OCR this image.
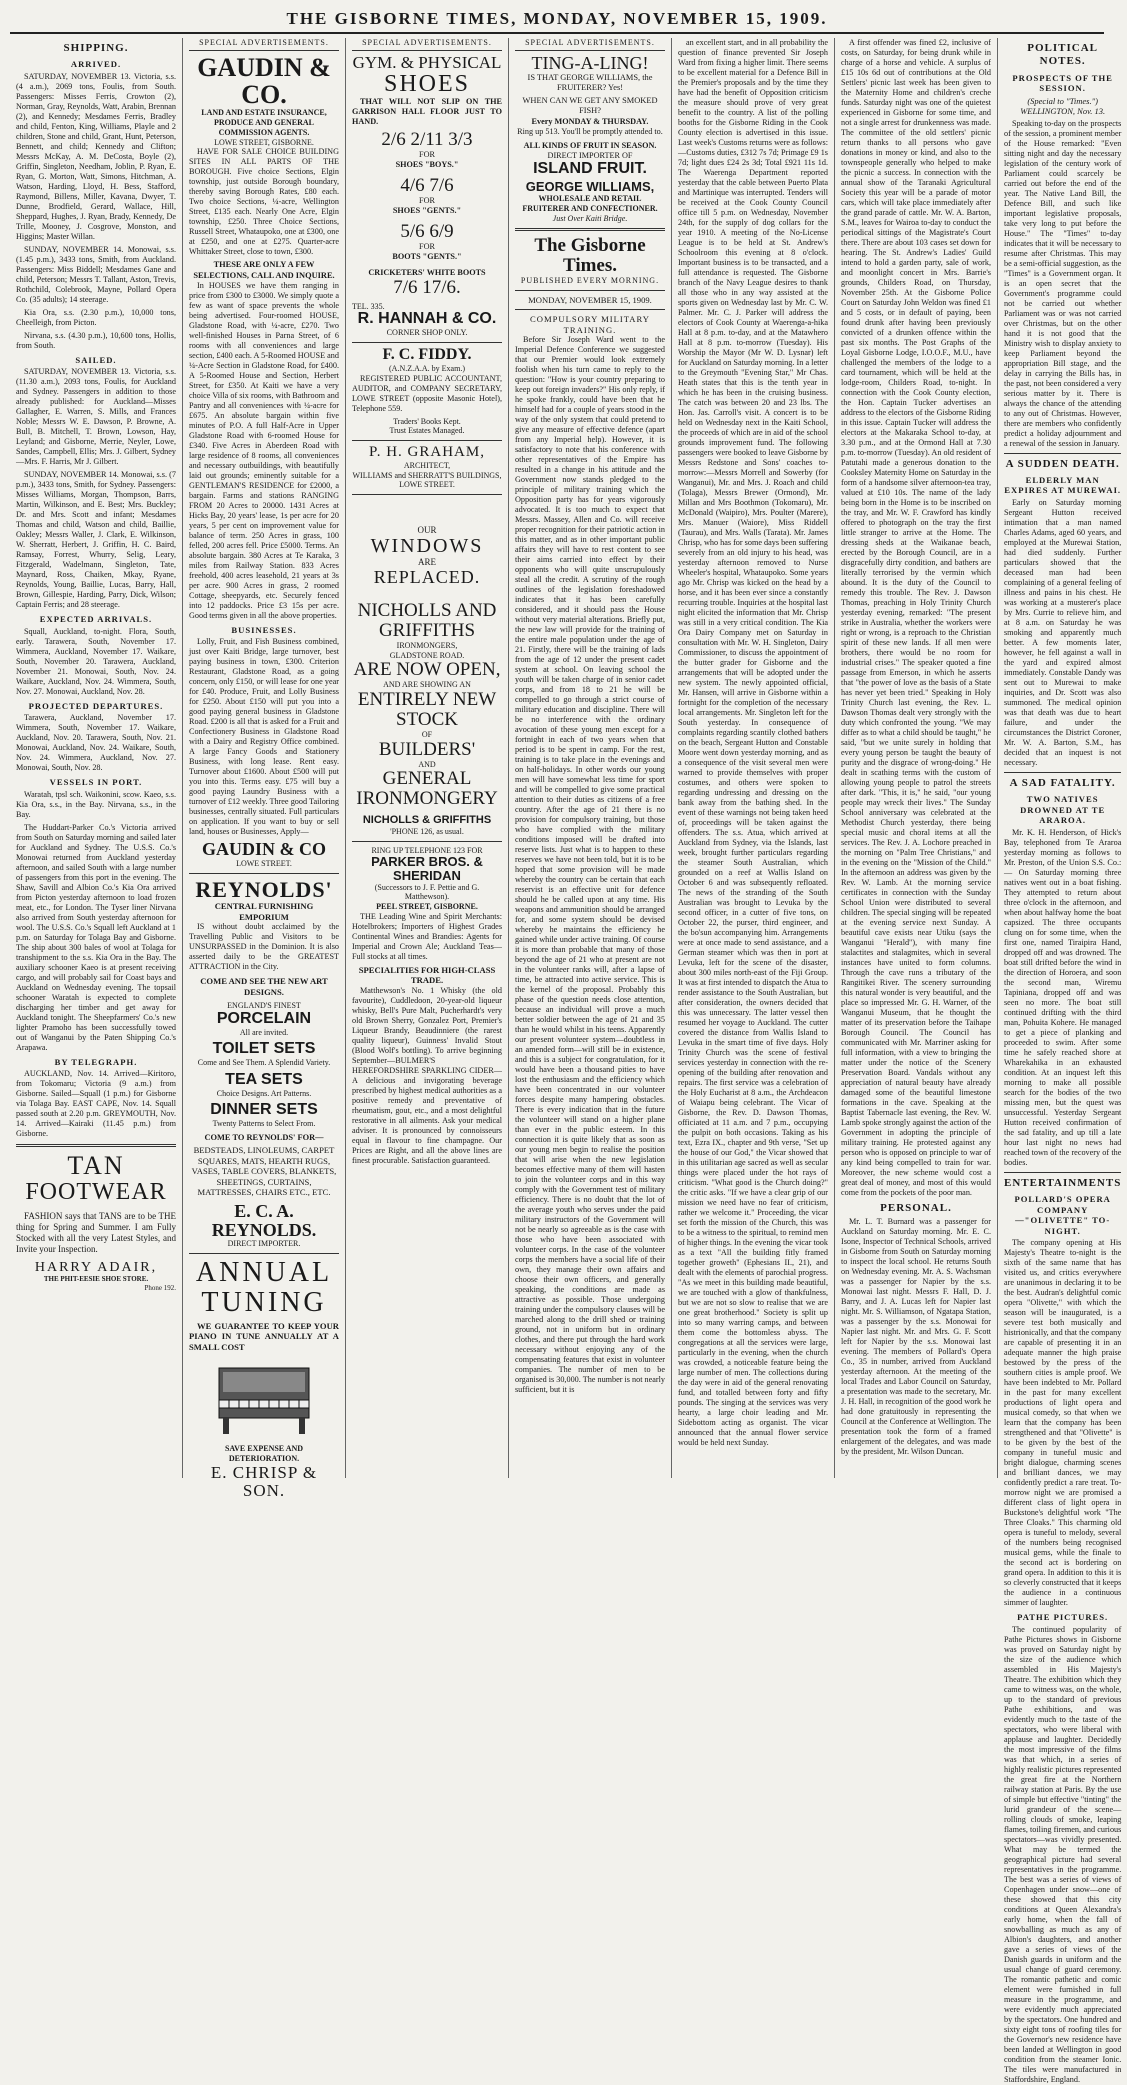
THE GISBORNE TIMES, MONDAY, NOVEMBER 15, 1909.
SHIPPING.
ARRIVED.

SATURDAY, NOVEMBER 13. Victoria, s.s. (4 a.m.), 2069 tons, Foulis, from South. Passengers: Misses Ferris, Crowton (2), Norman, Gray, Reynolds, Watt, Arabin, Brennan (2), and Kennedy; Mesdames Ferris, Bradley and child, Fenton, King, Williams, Playle and 2 children, Stone and child, Grant, Hunt, Peterson, Bennett, and child; Kennedy and Clifton; Messrs McKay, A. M. DeCosta, Boyle (2), Griffin, Singleton, Needham, Joblin, P. Ryan, E. Ryan, G. Morton, Watt, Simons, Hitchman, A. Watson, Harding, Lloyd, H. Bess, Stafford, Raymond, Billens, Miller, Kavana, Dwyer, T. Dunne, Brodfield, Gerard, Wallace, Hill, Sheppard, Hughes, J. Ryan, Brady, Kennedy, De Trille, Mooney, J. Cosgrove, Monston, and Higgins; Master Willan.

SUNDAY, NOVEMBER 14. Monowai, s.s. (1.45 p.m.), 3433 tons, Smith, from Auckland. Passengers: Miss Biddell; Mesdames Gane and child, Peterson; Messrs T. Tallant, Aston, Trevis, Rothchild, Colebrook, Mayne, Pollard Opera Co. (35 adults); 14 steerage.

Kia Ora, s.s. (2.30 p.m.), 10,000 tons, Cheelleigh, from Picton.

Nirvana, s.s. (4.30 p.m.), 10,600 tons, Hollis, from South.

SAILED.

SATURDAY, NOVEMBER 13. Victoria, s.s. (11.30 a.m.), 2093 tons, Foulis, for Auckland and Sydney. Passengers in addition to those already published: for Auckland—Misses Gallagher, E. Warren, S. Mills, and Frances Noble; Messrs W. E. Dawson, P. Browne, A. Bull, B. Mitchell, T. Brown, Lowson, Hay, Leyland; and Gisborne, Merrie, Neyler, Lowe, Sandes, Campbell, Ellis; Mrs. J. Gilbert, Sydney—Mrs. F. Harris, Mr J. Gilbert.

SUNDAY, NOVEMBER 14. Monowai, s.s. (7 p.m.), 3433 tons, Smith, for Sydney. Passengers: Misses Williams, Morgan, Thompson, Barrs, Martin, Wilkinson, and E. Best; Mrs. Buckley; Dr. and Mrs. Scott and infant; Mesdames Thomas and child, Watson and child, Baillie, Oakley; Messrs Waller, J. Clark, E. Wilkinson, W. Sherratt, Herbert, J. Griffin, H. C. Baird, Ramsay, Forrest, Whurry, Selig, Leary, Fitzgerald, Wadelmann, Singleton, Tate, Maynard, Ross, Chaiken, Mkay, Ryane, Reynolds, Young, Baillie, Lucas, Barry, Hall, Brown, Gillespie, Harding, Parry, Dick, Wilson; Captain Ferris; and 28 steerage.

EXPECTED ARRIVALS.

Squall, Auckland, to-night. Flora, South, early. Tarawera, South, November 17. Wimmera, Auckland, November 17. Waikare, South, November 20. Tarawera, Auckland, November 21. Monowai, South, Nov. 24. Waikare, Auckland, Nov. 24. Wimmera, South, Nov. 27. Monowai, Auckland, Nov. 28.

PROJECTED DEPARTURES.

Tarawera, Auckland, November 17. Wimmera, South, November 17. Waikare, Auckland, Nov. 20. Tarawera, South, Nov. 21. Monowai, Auckland, Nov. 24. Waikare, South, Nov. 24. Wimmera, Auckland, Nov. 27. Monowai, South, Nov. 28.

VESSELS IN PORT.

Waratah, tpsl sch. Waikonini, scow. Kaeo, s.s. Kia Ora, s.s., in the Bay. Nirvana, s.s., in the Bay.

The Huddart-Parker Co.'s Victoria arrived from South on Saturday morning and sailed later for Auckland and Sydney. The U.S.S. Co.'s Monowai returned from Auckland yesterday afternoon, and sailed South with a large number of passengers from this port in the evening. The Shaw, Savill and Albion Co.'s Kia Ora arrived from Picton yesterday afternoon to load frozen meat, etc., for London. The Tyser liner Nirvana also arrived from South yesterday afternoon for wool. The U.S.S. Co.'s Squall left Auckland at 1 p.m. on Saturday for Tolaga Bay and Gisborne. The ship about 300 bales of wool at Tolaga for transhipment to the s.s. Kia Ora in the Bay. The auxiliary schooner Kaeo is at present receiving cargo, and will probably sail for Coast bays and Auckland on Wednesday evening. The topsail schooner Waratah is expected to complete discharging her timber and get away for Auckland tonight. The Sheepfarmers' Co.'s new lighter Pramoho has been successfully towed out of Wanganui by the Paten Shipping Co.'s Arapawa.

BY TELEGRAPH.

AUCKLAND, Nov. 14. Arrived—Kiritoro, from Tokomaru; Victoria (9 a.m.) from Gisborne. Sailed—Squall (1 p.m.) for Gisborne via Tolaga Bay. EAST CAPE, Nov. 14. Squall passed south at 2.20 p.m. GREYMOUTH, Nov. 14. Arrived—Kairaki (11.45 p.m.) from Gisborne.

TAN
FOOTWEAR

FASHION says that TANS are to be THE thing for Spring and Summer. I am Fully Stocked with all the very Latest Styles, and Invite your Inspection.

HARRY ADAIR,
THE PHIT-EESIE SHOE STORE.
Phone 192.
SPECIAL ADVERTISEMENTS.
GAUDIN & CO.
LAND AND ESTATE INSURANCE, PRODUCE AND GENERAL COMMISSION AGENTS.
LOWE STREET, GISBORNE.

HAVE FOR SALE CHOICE BUILDING SITES IN ALL PARTS OF THE BOROUGH. Five choice Sections, Elgin township, just outside Borough boundary, thereby saving Borough Rates, £80 each. Two choice Sections, ¼-acre, Wellington Street, £135 each. Nearly One Acre, Elgin township, £250. Three Choice Sections, Russell Street, Whataupoko, one at £300, one at £250, and one at £275. Quarter-acre Whittaker Street, close to town, £300.

THESE ARE ONLY A FEW SELECTIONS, CALL AND INQUIRE.

In HOUSES we have them ranging in price from £300 to £3000. We simply quote a few as want of space prevents the whole being advertised. Four-roomed HOUSE, Gladstone Road, with ¼-acre, £270. Two well-finished Houses in Parna Street, of 6 rooms with all conveniences and large section, £400 each. A 5-Roomed HOUSE and ¼-Acre Section in Gladstone Road, for £400. A 5-Roomed House and Section, Herbert Street, for £350. At Kaiti we have a very choice Villa of six rooms, with Bathroom and Pantry and all conveniences with ¼-acre for £675. An absolute bargain within five minutes of P.O. A full Half-Acre in Upper Gladstone Road with 6-roomed House for £340. Five Acres in Aberdeen Road with large residence of 8 rooms, all conveniences and necessary outbuildings, with beautifully laid out grounds; eminently suitable for a GENTLEMAN'S RESIDENCE for £2000, a bargain. Farms and stations RANGING FROM 20 Acres to 20000. 1431 Acres at Hicks Bay, 20 years' lease, 1s per acre for 20 years, 5 per cent on improvement value for balance of term. 250 Acres in grass, 100 felled, 200 acres fell. Price £5000. Terms. An absolute bargain. 380 Acres at Te Karaka, 3 miles from Railway Station. 833 Acres freehold, 400 acres leasehold, 21 years at 3s per acre. 900 Acres in grass, 2 roomed Cottage, sheepyards, etc. Securely fenced into 12 paddocks. Price £3 15s per acre. Good terms given in all the above properties.

BUSINESSES.

Lolly, Fruit, and Fish Business combined, just over Kaiti Bridge, large turnover, best paying business in town, £300. Criterion Restaurant, Gladstone Road, as a going concern, only £150, or will lease for one year for £40. Produce, Fruit, and Lolly Business for £250. About £150 will put you into a good paying general business in Gladstone Road. £200 is all that is asked for a Fruit and Confectionery Business in Gladstone Road with a Dairy and Registry Office combined. A large Fancy Goods and Stationery Business, with long lease. Rent easy. Turnover about £1600. About £500 will put you into this. Terms easy. £75 will buy a good paying Laundry Business with a turnover of £12 weekly. Three good Tailoring businesses, centrally situated. Full particulars on application. If you want to buy or sell land, houses or Businesses, Apply—

GAUDIN & CO
LOWE STREET.
REYNOLDS'
CENTRAL FURNISHING EMPORIUM

IS without doubt acclaimed by the Travelling Public and Visitors to be UNSURPASSED in the Dominion. It is also asserted daily to be the GREATEST ATTRACTION in the City.

COME AND SEE THE NEW ART DESIGNS.
ENGLAND'S FINEST
PORCELAIN
All are invited.
TOILET SETS
Come and See Them. A Splendid Variety.
TEA SETS
Choice Designs. Art Patterns.
DINNER SETS
Twenty Patterns to Select From.
COME TO REYNOLDS' FOR—
BEDSTEADS, LINOLEUMS, CARPET SQUARES, MATS, HEARTH RUGS, VASES, TABLE COVERS, BLANKETS, SHEETINGS, CURTAINS, MATTRESSES, CHAIRS ETC., ETC.
E. C. A. REYNOLDS.
DIRECT IMPORTER.
ANNUAL
TUNING

WE GUARANTEE TO KEEP YOUR PIANO IN TUNE ANNUALLY AT A SMALL COST

SAVE EXPENSE AND DETERIORATION.
E. CHRISP & SON.
SPECIAL ADVERTISEMENTS.
GYM. & PHYSICAL
SHOES

THAT WILL NOT SLIP ON THE GARRISON HALL FLOOR JUST TO HAND.

2/6 2/11 3/3
FOR
SHOES "BOYS."
4/6 7/6
FOR
SHOES "GENTS."
5/6 6/9
FOR
BOOTS "GENTS."
CRICKETERS' WHITE BOOTS
7/6 17/6.
TEL. 335.
R. HANNAH & CO.
CORNER SHOP ONLY.
F. C. FIDDY.
(A.N.Z.A.A. by Exam.)

REGISTERED PUBLIC ACCOUNTANT, AUDITOR, and COMPANY SECRETARY, LOWE STREET (opposite Masonic Hotel), Telephone 559.

Traders' Books Kept.
Trust Estates Managed.
P. H. GRAHAM,
ARCHITECT,
WILLIAMS and SHERRATT'S BUILDINGS,
LOWE STREET.
OUR
WINDOWS
ARE
REPLACED.
NICHOLLS AND GRIFFITHS
IRONMONGERS,
GLADSTONE ROAD.
ARE NOW OPEN,
AND ARE SHOWING AN
ENTIRELY NEW
STOCK
OF
BUILDERS'
AND
GENERAL
IRONMONGERY
NICHOLLS & GRIFFITHS
'PHONE 126, as usual.
RING UP TELEPHONE 123 FOR
PARKER BROS. & SHERIDAN
(Successors to J. F. Pettie and G. Matthewson).
PEEL STREET, GISBORNE.

THE Leading Wine and Spirit Merchants: Hotelbrokers; Importers of Highest Grades Continental Wines and Brandies: Agents for Imperial and Crown Ale; Auckland Teas—Full stocks at all times.

SPECIALITIES FOR HIGH-CLASS TRADE.

Matthewson's No. 1 Whisky (the old favourite), Cuddledoon, 20-year-old liqueur whisky, Bell's Pure Malt, Pucherhardt's very old Brown Sherry, Gonzalez Port, Premier's Liqueur Brandy, Beaudinniere (the rarest quality liqueur), Guinness' Invalid Stout (Blood Wolf's bottling). To arrive beginning September—BULMER'S HEREFORDSHIRE SPARKLING CIDER—A delicious and invigorating beverage prescribed by highest medical authorities as a positive remedy and preventative of rheumatism, gout, etc., and a most delightful restorative in all ailments. Ask your medical adviser. It is pronounced by connoisseurs equal in flavour to fine champagne. Our Prices are Right, and all the above lines are finest procurable. Satisfaction guaranteed.

SPECIAL ADVERTISEMENTS.
TING-A-LING!
IS THAT GEORGE WILLIAMS, the FRUITERER? Yes!
WHEN CAN WE GET ANY SMOKED FISH?
Every MONDAY & THURSDAY.
Ring up 513. You'll be promptly attended to.
ALL KINDS OF FRUIT IN SEASON.
DIRECT IMPORTER OF
ISLAND FRUIT.
GEORGE WILLIAMS,
WHOLESALE AND RETAIL FRUITERER AND CONFECTIONER.
Just Over Kaiti Bridge.
The Gisborne Times.
PUBLISHED EVERY MORNING.
MONDAY, NOVEMBER 15, 1909.
COMPULSORY MILITARY TRAINING.

Before Sir Joseph Ward went to the Imperial Defence Conference we suggested that our Premier would look extremely foolish when his turn came to reply to the question: "How is your country preparing to keep out foreign invaders?" His only reply, if he spoke frankly, could have been that he himself had for a couple of years stood in the way of the only system that could pretend to give any measure of effective defence (apart from any Imperial help). However, it is satisfactory to note that his conference with other representatives of the Empire has resulted in a change in his attitude and the Government now stands pledged to the principle of military training which the Opposition party has for years vigorously advocated. It is too much to expect that Messrs. Massey, Allen and Co. will receive proper recognition for their patriotic action in this matter, and as in other important public affairs they will have to rest content to see their aims carried into effect by their opponents who will quite unscrupulously steal all the credit. A scrutiny of the rough outlines of the legislation foreshadowed indicates that it has been carefully considered, and it should pass the House without very material alterations. Briefly put, the new law will provide for the training of the entire male population under the age of 21. Firstly, there will be the training of lads from the age of 12 under the present cadet system at school. On leaving school the youth will be taken charge of in senior cadet corps, and from 18 to 21 he will be compelled to go through a strict course of military education and discipline. There will be no interference with the ordinary avocation of these young men except for a fortnight in each of two years when that period is to be spent in camp. For the rest, training is to take place in the evenings and on half-holidays. In other words our young men will have somewhat less time for sport and will be compelled to give some practical attention to their duties as citizens of a free country. After the age of 21 there is no provision for compulsory training, but those who have complied with the military conditions imposed will be drafted into reserve lists. Just what is to happen to these reserves we have not been told, but it is to be hoped that some provision will be made whereby the country can be certain that each reservist is an effective unit for defence should he be called upon at any time. His weapons and ammunition should be arranged for, and some system should be devised whereby he maintains the efficiency he gained while under active training. Of course it is more than probable that many of those beyond the age of 21 who at present are not in the volunteer ranks will, after a lapse of time, be attracted into active service. This is the kernel of the proposal. Probably this phase of the question needs close attention, because an individual will prove a much better soldier between the age of 21 and 35 than he would whilst in his teens. Apparently our present volunteer system—doubtless in an amended form—will still be in existence, and this is a subject for congratulation, for it would have been a thousand pities to have lost the enthusiasm and the efficiency which have been concentrated in our volunteer forces despite many hampering obstacles. There is every indication that in the future the volunteer will stand on a higher plane than ever in the public esteem. In this connection it is quite likely that as soon as our young men begin to realise the position that will arise when the new legislation becomes effective many of them will hasten to join the volunteer corps and in this way comply with the Government test of military efficiency. There is no doubt that the lot of the average youth who serves under the paid military instructors of the Government will not be nearly so agreeable as is the case with those who have been associated with volunteer corps. In the case of the volunteer corps the members have a social life of their own, they manage their own affairs and choose their own officers, and generally speaking, the conditions are made as attractive as possible. Those undergoing training under the compulsory clauses will be marched along to the drill shed or training ground, not in uniform but in ordinary clothes, and there put through the hard work necessary without enjoying any of the compensating features that exist in volunteer companies. The number of men to be organised is 30,000. The number is not nearly sufficient, but it is

an excellent start, and in all probability the question of finance prevented Sir Joseph Ward from fixing a higher limit. There seems to be excellent material for a Defence Bill in the Premier's proposals and by the time they have had the benefit of Opposition criticism the measure should prove of very great benefit to the country. A list of the polling booths for the Gisborne Riding in the Cook County election is advertised in this issue. Last week's Customs returns were as follows:—Customs duties, £312 7s 7d; Primage £9 1s 7d; light dues £24 2s 3d; Total £921 11s 1d. The Waerenga Department reported yesterday that the cable between Puerto Plata and Martinique was interrupted. Tenders will be received at the Cook County Council office till 5 p.m. on Wednesday, November 24th, for the supply of dog collars for the year 1910. A meeting of the No-License League is to be held at St. Andrew's Schoolroom this evening at 8 o'clock. Important business is to be transacted, and a full attendance is requested. The Gisborne branch of the Navy League desires to thank all those who in any way assisted at the sports given on Wednesday last by Mr. C. W. Palmer. Mr. C. J. Parker will address the electors of Cook County at Waerenga-a-hika Hall at 8 p.m. to-day, and at the Matawhero Hall at 8 p.m. to-morrow (Tuesday). His Worship the Mayor (Mr W. D. Lysnar) left for Auckland on Saturday morning. In a letter to the Greymouth "Evening Star," Mr Chas. Heath states that this is the tenth year in which he has been in the cruising business. The catch was between 20 and 23 lbs. The Hon. Jas. Carroll's visit. A concert is to be held on Wednesday next in the Kaiti School, the proceeds of which are in aid of the school grounds improvement fund. The following passengers were booked to leave Gisborne by Messrs Redstone and Sons' coaches to-morrow:—Messrs Morrell and Sowerby (for Wanganui), Mr. and Mrs. J. Roach and child (Tolaga), Messrs Brewer (Ormond), Mr. Millan and Mrs Boothmon (Tokomaru), Mr. McDonald (Waipiro), Mrs. Poulter (Marere), Mrs. Manuer (Waiore), Miss Riddell (Taurau), and Mrs. Walls (Tarata). Mr. James Chrisp, who has for some days been suffering severely from an old injury to his head, was yesterday afternoon removed to Nurse Wheeler's hospital, Whataupoko. Some years ago Mr. Chrisp was kicked on the head by a horse, and it has been ever since a constantly recurring trouble. Inquiries at the hospital last night elicited the information that Mr. Chrisp was still in a very critical condition. The Kia Ora Dairy Company met on Saturday in consultation with Mr. W. H. Singleton, Dairy Commissioner, to discuss the appointment of the butter grader for Gisborne and the arrangements that will be adopted under the new system. The newly appointed official, Mr. Hansen, will arrive in Gisborne within a fortnight for the completion of the necessary local arrangements. Mr. Singleton left for the South yesterday. In consequence of complaints regarding scantily clothed bathers on the beach, Sergeant Hutton and Constable Moore went down yesterday morning, and as a consequence of the visit several men were warned to provide themselves with proper costumes, and others were spoken to regarding undressing and dressing on the bank away from the bathing shed. In the event of these warnings not being taken heed of, proceedings will be taken against the offenders. The s.s. Atua, which arrived at Auckland from Sydney, via the Islands, last week, brought further particulars regarding the steamer South Australian, which grounded on a reef at Wallis Island on October 6 and was subsequently refloated. The news of the stranding of the South Australian was brought to Levuka by the second officer, in a cutter of five tons, on October 22, the purser, third engineer, and the bo'sun accompanying him. Arrangements were at once made to send assistance, and a German steamer which was then in port at Levuka, left for the scene of the disaster, about 300 miles north-east of the Fiji Group. It was at first intended to dispatch the Atua to render assistance to the South Australian, but after consideration, the owners decided that this was unnecessary. The latter vessel then resumed her voyage to Auckland. The cutter covered the distance from Wallis Island to Levuka in the smart time of five days. Holy Trinity Church was the scene of festival services yesterday in connection with the re-opening of the building after renovation and repairs. The first service was a celebration of the Holy Eucharist at 8 a.m., the Archdeacon of Waiapu being celebrant. The Vicar of Gisborne, the Rev. D. Dawson Thomas, officiated at 11 a.m. and 7 p.m., occupying the pulpit on both occasions. Taking as his text, Ezra IX., chapter and 9th verse, "Set up the house of our God," the Vicar showed that in this utilitarian age sacred as well as secular things were placed under the hot rays of criticism. "What good is the Church doing?" the critic asks. "If we have a clear grip of our mission we need have no fear of criticism, rather we welcome it." Proceeding, the vicar set forth the mission of the Church, this was to be a witness to the spiritual, to remind men of higher things. In the evening the vicar took as a text "All the building fitly framed together groweth" (Ephesians II., 21), and dealt with the elements of parochial progress. "As we meet in this building made beautiful, we are touched with a glow of thankfulness, but we are not so slow to realise that we are one great brotherhood." Society is split up into so many warring camps, and between them come the bottomless abyss. The congregations at all the services were large, particularly in the evening, when the church was crowded, a noticeable feature being the large number of men. The collections during the day were in aid of the general renovating fund, and totalled between forty and fifty pounds. The singing at the services was very hearty, a large choir leading and Mr. Sidebottom acting as organist. The vicar announced that the annual flower service would be held next Sunday.

A first offender was fined £2, inclusive of costs, on Saturday, for being drunk while in charge of a horse and vehicle. A surplus of £15 10s 6d out of contributions at the Old Settlers' picnic last week has been given to the Maternity Home and children's creche funds. Saturday night was one of the quietest experienced in Gisborne for some time, and not a single arrest for drunkenness was made. The committee of the old settlers' picnic return thanks to all persons who gave donations in money or kind, and also to the townspeople generally who helped to make the picnic a success. In connection with the annual show of the Taranaki Agricultural Society this year will be a parade of motor cars, which will take place immediately after the grand parade of cattle. Mr. W. A. Barton, S.M., leaves for Wairoa to-day to conduct the periodical sittings of the Magistrate's Court there. There are about 103 cases set down for hearing. The St. Andrew's Ladies' Guild intend to hold a garden party, sale of work, and moonlight concert in Mrs. Barrie's grounds, Childers Road, on Thursday, November 25th. At the Gisborne Police Court on Saturday John Weldon was fined £1 and 5 costs, or in default of paying, been found drunk after having been previously convicted of a drunken offence within the past six months. The Post Graphs of the Loyal Gisborne Lodge, I.O.O.F., M.U., have challenged the members of the lodge to a card tournament, which will be held at the lodge-room, Childers Road, to-night. In connection with the Cook County election, the Hon. Captain Tucker advertises an address to the electors of the Gisborne Riding in this issue. Captain Tucker will address the electors at the Makaraka School to-day, at 3.30 p.m., and at the Ormond Hall at 7.30 p.m. to-morrow (Tuesday). An old resident of Patutahi made a generous donation to the Cooksley Maternity Home on Saturday in the form of a handsome silver afternoon-tea tray, valued at £10 10s. The name of the lady being born in the Home is to be inscribed on the tray, and Mr. W. F. Crawford has kindly offered to photograph on the tray the first little stranger to arrive at the Home. The dressing sheds at the Waikanae beach, erected by the Borough Council, are in a disgracefully dirty condition, and bathers are literally terrorised by the vermin which abound. It is the duty of the Council to remedy this trouble. The Rev. J. Dawson Thomas, preaching in Holy Trinity Church yesterday evening, remarked: "The present strike in Australia, whether the workers were right or wrong, is a reproach to the Christian spirit of these new lands. If all men were brothers, there would be no room for industrial crises." The speaker quoted a fine passage from Emerson, in which he asserts that "the power of love as the basis of a State has never yet been tried." Speaking in Holy Trinity Church last evening, the Rev. L. Dawson Thomas dealt very strongly with the duty which confronted the young. "We may differ as to what a child should be taught," he said, "but we unite surely in holding that every young person be taught the beauty of purity and the disgrace of wrong-doing." He dealt in scathing terms with the custom of allowing young people to patrol the streets after dark. "This, it is," he said, "our young people may wreck their lives." The Sunday School anniversary was celebrated at the Methodist Church yesterday, there being special music and choral items at all the services. The Rev. J. A. Lochore preached in the morning on "Palm Tree Christians," and in the evening on the "Mission of the Child." In the afternoon an address was given by the Rev. W. Lamb. At the morning service certificates in connection with the Sunday School Union were distributed to several children. The special singing will be repeated at the evening service next Sunday. A beautiful cave exists near Utiku (says the Wanganui "Herald"), with many fine stalactites and stalagmites, which in several instances have united to form columns. Through the cave runs a tributary of the Rangitikei River. The scenery surrounding this natural wonder is very beautiful, and the place so impressed Mr. G. H. Warner, of the Wanganui Museum, that he thought the matter of its preservation before the Taihape Borough Council. The Council has communicated with Mr. Marriner asking for full information, with a view to bringing the matter under the notice of the Scenery Preservation Board. Vandals without any appreciation of natural beauty have already damaged some of the beautiful limestone formations in the cave. Speaking at the Baptist Tabernacle last evening, the Rev. W. Lamb spoke strongly against the action of the Government in adopting the principle of military training. He protested against any person who is opposed on principle to war of any kind being compelled to train for war. Moreover, the new scheme would cost a great deal of money, and most of this would come from the pockets of the poor man.

PERSONAL.

Mr. L. T. Burnard was a passenger for Auckland on Saturday morning. Mr. E. C. Isone, Inspector of Technical Schools, arrived in Gisborne from South on Saturday morning to inspect the local school. He returns South on Wednesday evening. Mr. A. S. Wachsman was a passenger for Napier by the s.s. Monowai last night. Messrs F. Hall, D. J. Barry, and J. A. Lucas left for Napier last night. Mr. S. Williamson, of Ngatapa Station, was a passenger by the s.s. Monowai for Napier last night. Mr. and Mrs. G. F. Scott left for Napier by the s.s. Monowai last evening. The members of Pollard's Opera Co., 35 in number, arrived from Auckland yesterday afternoon. At the meeting of the local Trades and Labor Council on Saturday, a presentation was made to the secretary, Mr. J. H. Hall, in recognition of the good work he had done gratuitously in representing the Council at the Conference at Wellington. The presentation took the form of a framed enlargement of the delegates, and was made by the president, Mr. Wilson Duncan.

POLITICAL NOTES.
PROSPECTS OF THE SESSION.
(Special to "Times.") WELLINGTON, Nov. 13.

Speaking to-day on the prospects of the session, a prominent member of the House remarked: "Even sitting night and day the necessary legislation of the century work of Parliament could scarcely be carried out before the end of the year. The Native Land Bill, the Defence Bill, and such like important legislative proposals, take very long to put before the House." The "Times" to-day indicates that it will be necessary to resume after Christmas. This may be a semi-official suggestion, as the "Times" is a Government organ. It is an open secret that the Government's programme could not be carried out whether Parliament was or was not carried over Christmas, but on the other hand it is not good that the Ministry wish to display anxiety to keep Parliament beyond the appropriation Bill stage, and the delay in carrying the Bills has, in the past, not been considered a very serious matter by it. There is always the chance of the attending to any out of Christmas. However, there are members who confidently predict a holiday adjournment and a renewal of the session in January.

A SUDDEN DEATH.
ELDERLY MAN EXPIRES AT MUREWAI.

Early on Saturday morning Sergeant Hutton received intimation that a man named Charles Adams, aged 60 years, and employed at the Murewai Station, had died suddenly. Further particulars showed that the deceased man had been complaining of a general feeling of illness and pains in his chest. He was working at a musterer's place by Mrs. Currie to relieve him, and at 8 a.m. on Saturday he was smoking and apparently much better. A few moments later, however, he fell against a wall in the yard and expired almost immediately. Constable Dandy was sent out to Murewai to make inquiries, and Dr. Scott was also summoned. The medical opinion was that death was due to heart failure, and under the circumstances the District Coroner, Mr. W. A. Barton, S.M., has decided that an inquest is not necessary.

A SAD FATALITY.
TWO NATIVES DROWNED AT TE ARAROA.

Mr. K. H. Henderson, of Hick's Bay, telephoned from Te Araroa yesterday morning as follows to Mr. Preston, of the Union S.S. Co.:— On Saturday morning three natives went out in a boat fishing. They attempted to return about three o'clock in the afternoon, and when about halfway home the boat capsized. The three occupants clung on for some time, when the first one, named Tiraipira Hand, dropped off and was drowned. The boat still drifted before the wind in the direction of Horoera, and soon the second man, Wiremu Tapiniana, dropped off and was seen no more. The boat still continued drifting with the third man, Pohuita Kohere. He managed to get a piece of planking and proceeded to swim. After some time he safely reached shore at Wharekahika in an exhausted condition. At an inquest left this morning to make all possible search for the bodies of the two missing men, but the quest was unsuccessful. Yesterday Sergeant Hutton received confirmation of the sad fatality, and up till a late hour last night no news had reached town of the recovery of the bodies.

ENTERTAINMENTS
POLLARD'S OPERA COMPANY—"OLIVETTE" TO-NIGHT.

The company opening at His Majesty's Theatre to-night is the sixth of the same name that has visited us, and critics everywhere are unanimous in declaring it to be the best. Audran's delightful comic opera "Olivette," with which the season will be inaugurated, is a severe test both musically and histrionically, and that the company are capable of presenting it in an adequate manner the high praise bestowed by the press of the southern cities is ample proof. We have been indebted to Mr. Pollard in the past for many excellent productions of light opera and musical comedy, so that when we learn that the company has been strengthened and that "Olivette" is to be given by the best of the company in tuneful music and bright dialogue, charming scenes and brilliant dances, we may confidently predict a rare treat. To-morrow night we are promised a different class of light opera in Buckstone's delightful work "The Three Cloaks." This charming old opera is tuneful to melody, several of the numbers being recognised musical gems, while the finale to the second act is bordering on grand opera. In addition to this it is so cleverly constructed that it keeps the audience in a continuous simmer of laughter.

PATHE PICTURES.

The continued popularity of Pathe Pictures shows in Gisborne was proved on Saturday night by the size of the audience which assembled in His Majesty's Theatre. The exhibition which they came to witness was, on the whole, up to the standard of previous Pathe exhibitions, and was evidently much to the taste of the spectators, who were liberal with applause and laughter. Decidedly the most impressive of the films was that which, in a series of highly realistic pictures represented the great fire at the Northern railway station at Paris. By the use of simple but effective "tinting" the lurid grandeur of the scene—rolling clouds of smoke, leaping flames, toiling firemen, and curious spectators—was vividly presented. What may be termed the geographical picture had several representatives in the programme. The best was a series of views of Copenhagen under snow—one of these showed that this city conditions at Queen Alexandra's early home, when the fall of snowballing as much as any of Albion's daughters, and another gave a series of views of the Danish guards in uniform and the usual change of guard ceremony. The romantic pathetic and comic element were furnished in full measure in the programme, and were evidently much appreciated by the spectators. One hundred and sixty eight tons of roofing tiles for the Governor's new residence have been landed at Wellington in good condition from the steamer Ionic. The tiles were manufactured in Staffordshire, England.
